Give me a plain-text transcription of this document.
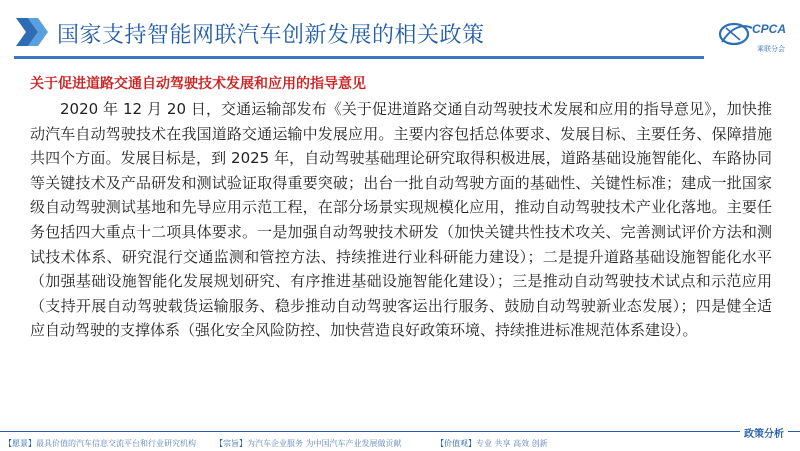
国家支持智能网联汽车创新发展的相关政策	CPCA
乘联分会
关于促进道路交通自动驾驶技术发展和应用的指导意见

2020 年 12 月 20 日，交通运输部发布《关于促进道路交通自动驾驶技术发展和应用的指导意见》，加快推动汽车自动驾驶技术在我国道路交通运输中发展应用。主要内容包括总体要求、发展目标、主要任务、保障措施共四个方面。发展目标是，到 2025 年，自动驾驶基础理论研究取得积极进展，道路基础设施智能化、车路协同等关键技术及产品研发和测试验证取得重要突破；出台一批自动驾驶方面的基础性、关键性标准；建成一批国家级自动驾驶测试基地和先导应用示范工程，在部分场景实现规模化应用，推动自动驾驶技术产业化落地。主要任务包括四大重点十二项具体要求。一是加强自动驾驶技术研发（加快关键共性技术攻关、完善测试评价方法和测试技术体系、研究混行交通监测和管控方法、持续推进行业科研能力建设）；二是提升道路基础设施智能化水平（加强基础设施智能化发展规划研究、有序推进基础设施智能化建设）；三是推动自动驾驶技术试点和示范应用（支持开展自动驾驶载货运输服务、稳步推动自动驾驶客运出行服务、鼓励自动驾驶新业态发展）；四是健全适应自动驾驶的支撑体系（强化安全风险防控、加快营造良好政策环境、持续推进标准规范体系建设）。

政策分析
【愿景】最具价值的汽车信息交流平台和行业研究机构 【宗旨】为汽车企业服务 为中国汽车产业发展做贡献	【价值观】专业 共享 高效 创新
